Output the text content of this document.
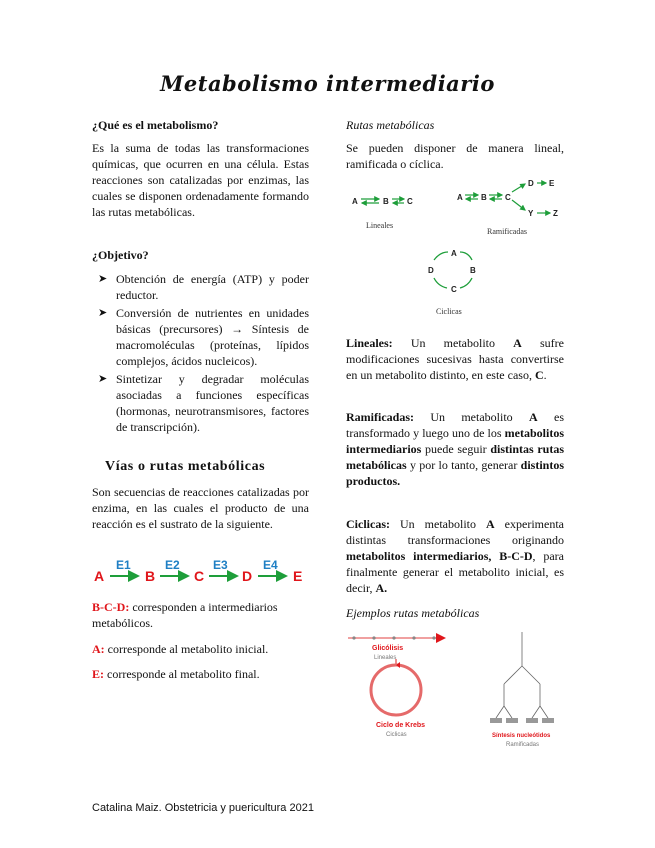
Metabolismo intermediario
¿Qué es el metabolismo?
Es la suma de todas las transformaciones químicas, que ocurren en una célula. Estas reacciones son catalizadas por enzimas, las cuales se disponen ordenadamente formando las rutas metabólicas.
¿Objetivo?
➤ Obtención de energía (ATP) y poder reductor.
➤ Conversión de nutrientes en unidades básicas (precursores) → Síntesis de macromoléculas (proteínas, lípidos complejos, ácidos nucleicos).
➤ Sintetizar y degradar moléculas asociadas a funciones específicas (hormonas, neurotransmisores, factores de transcripción).
Vías o rutas metabólicas
Son secuencias de reacciones catalizadas por enzima, en las cuales el producto de una reacción es el sustrato de la siguiente.
A
E1
B
E2
C
E3
D
E4
E
B-C-D: corresponden a intermediarios metabólicos.
A: corresponde al metabolito inicial.
E: corresponde al metabolito final.
Rutas metabólicas
Se pueden disponer de manera lineal, ramificada o cíclica.
A	B C
Lineales
A B C
D E
Y Z
Ramificadas
A
B
C
D
Ciclicas
Lineales: Un metabolito A sufre modificaciones sucesivas hasta convertirse en un metabolito distinto, en este caso, C.
Ramificadas: Un metabolito A es transformado y luego uno de los metabolitos intermediarios puede seguir distintas rutas metabólicas y por lo tanto, generar distintos productos.
Ciclicas: Un metabolito A experimenta distintas transformaciones originando metabolitos intermediarios, B-C-D, para finalmente generar el metabolito inicial, es decir, A.
Ejemplos rutas metabólicas
Glicólisis
Lineales
Ciclo de Krebs
Ciclicas	Síntesis nucleótidos
Ramificadas
Catalina Maiz. Obstetricia y puericultura 2021
